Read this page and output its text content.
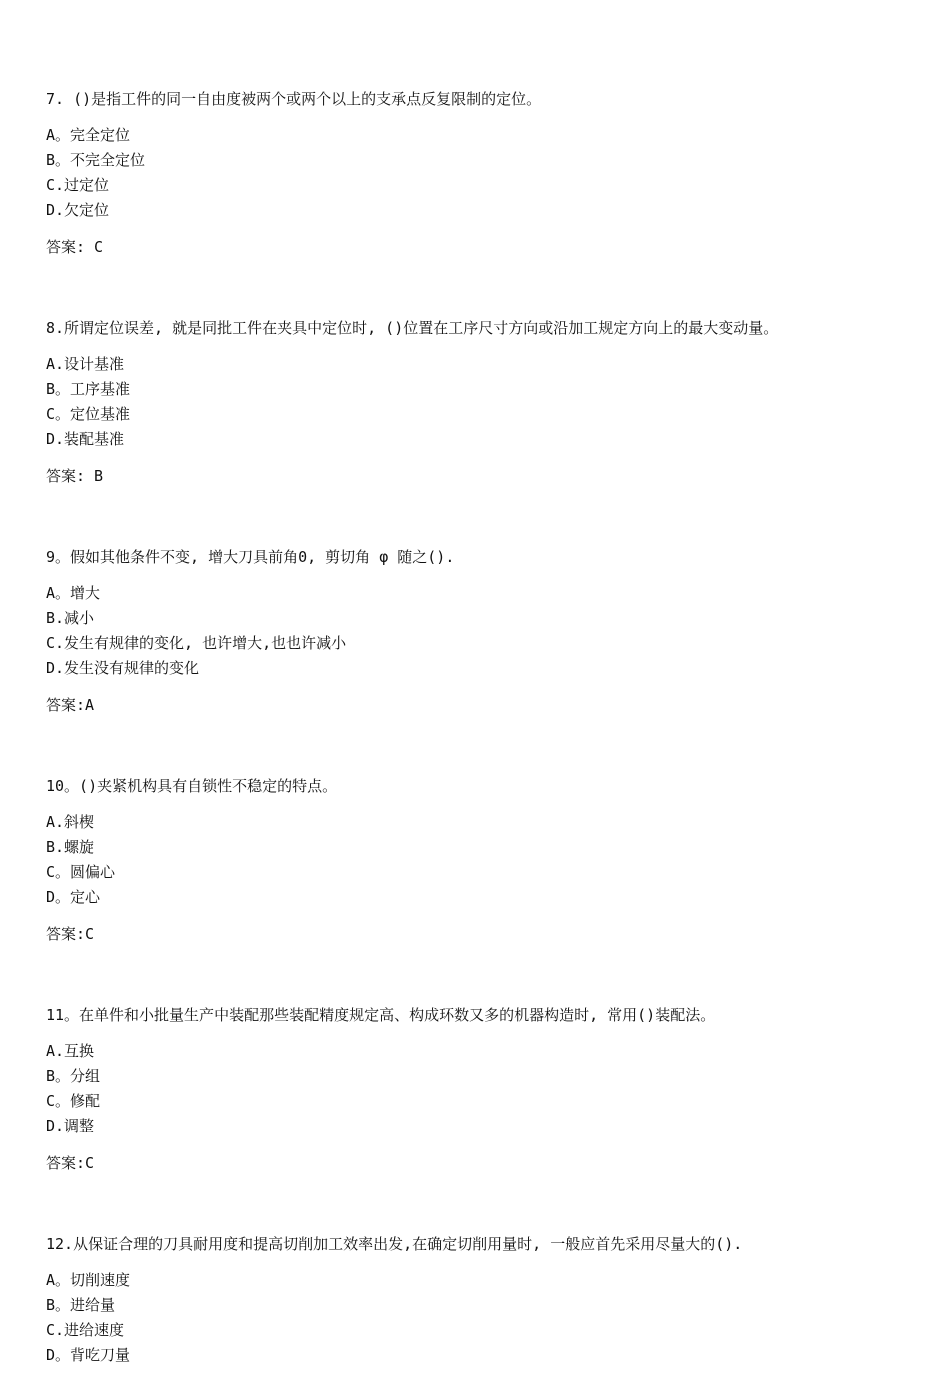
7. ()是指工件的同一自由度被两个或两个以上的支承点反复限制的定位。
A。完全定位
B。不完全定位
C.过定位
D.欠定位
答案: C
8.所谓定位误差, 就是同批工件在夹具中定位时, ()位置在工序尺寸方向或沿加工规定方向上的最大变动量。
A.设计基准
B。工序基准
C。定位基准
D.装配基准
答案: B
9。假如其他条件不变, 增大刀具前角0, 剪切角 φ 随之().
A。增大
B.减小
C.发生有规律的变化, 也许增大,也也许减小
D.发生没有规律的变化
答案:A
10。()夹紧机构具有自锁性不稳定的特点。
A.斜楔
B.螺旋
C。圆偏心
D。定心
答案:C
11。在单件和小批量生产中装配那些装配精度规定高、构成环数又多的机器构造时, 常用()装配法。
A.互换
B。分组
C。修配
D.调整
答案:C
12.从保证合理的刀具耐用度和提高切削加工效率出发,在确定切削用量时, 一般应首先采用尽量大的().
A。切削速度
B。进给量
C.进给速度
D。背吃刀量
